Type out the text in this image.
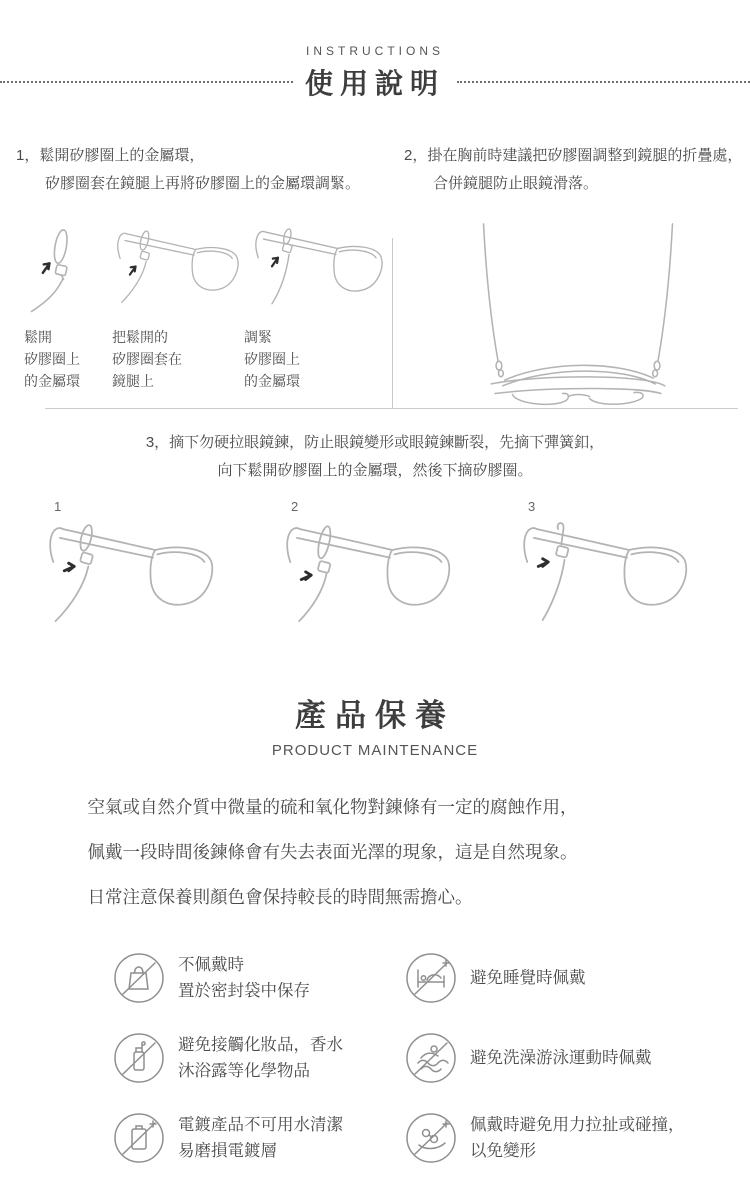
INSTRUCTIONS
使用說明
1，鬆開矽膠圈上的金屬環，
矽膠圈套在鏡腿上再將矽膠圈上的金屬環調緊。
鬆開
矽膠圈上
的金屬環
把鬆開的
矽膠圈套在
鏡腿上
調緊
矽膠圈上
的金屬環
2，掛在胸前時建議把矽膠圈調整到鏡腿的折疊處，
合併鏡腿防止眼鏡滑落。
3，摘下勿硬拉眼鏡鍊，防止眼鏡變形或眼鏡鍊斷裂，先摘下彈簧釦，
向下鬆開矽膠圈上的金屬環，然後下摘矽膠圈。
1	2	3
產品保養
PRODUCT MAINTENANCE
空氣或自然介質中微量的硫和氧化物對鍊條有一定的腐蝕作用，
佩戴一段時間後鍊條會有失去表面光澤的現象，這是自然現象。
日常注意保養則顏色會保持較長的時間無需擔心。
不佩戴時
置於密封袋中保存
避免睡覺時佩戴
避免接觸化妝品，香水
沐浴露等化學物品
避免洗澡游泳運動時佩戴
電鍍產品不可用水清潔
易磨損電鍍層
佩戴時避免用力拉扯或碰撞，
以免變形
